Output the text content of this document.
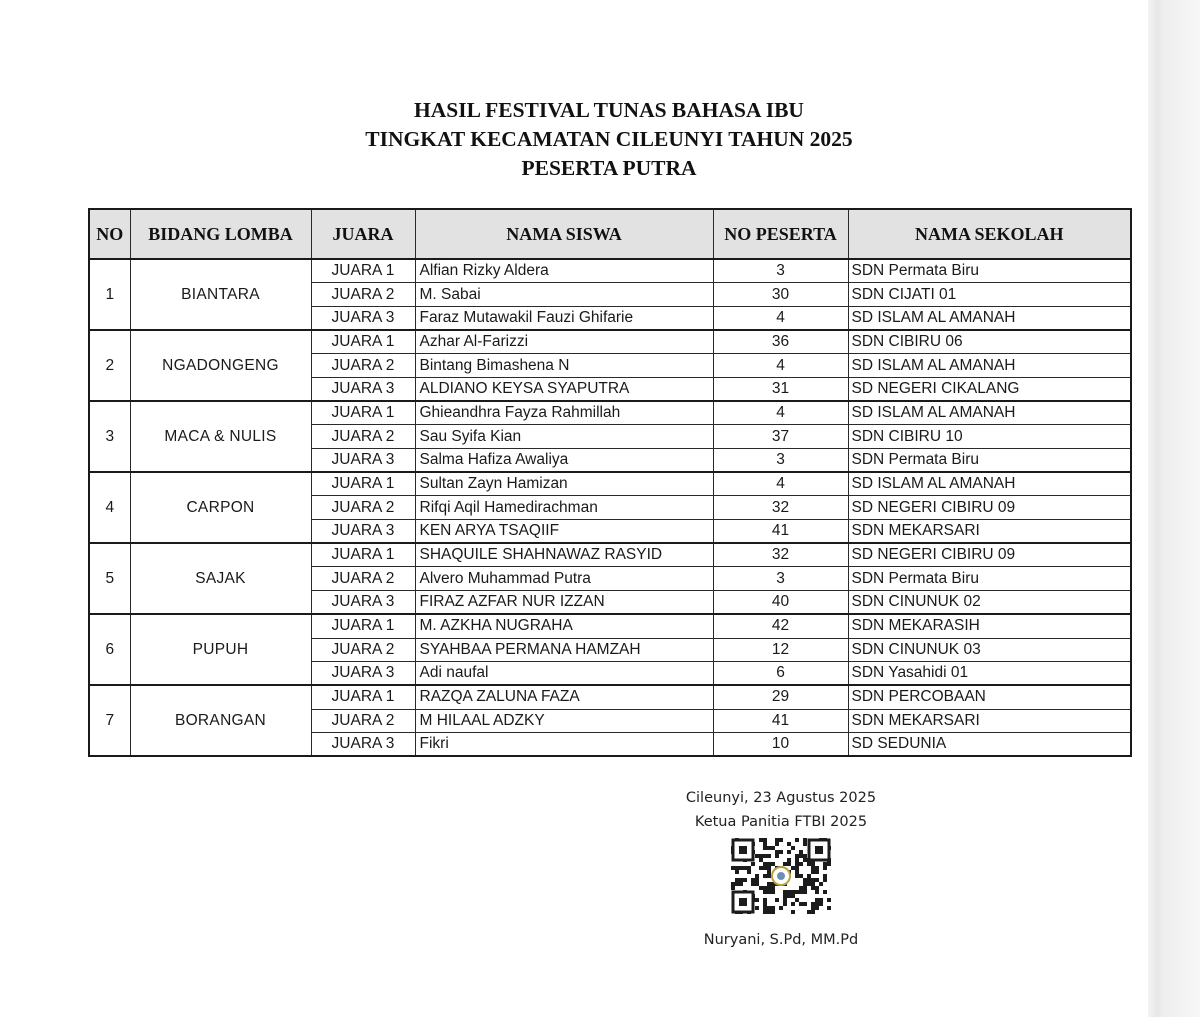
HASIL FESTIVAL TUNAS BAHASA IBU
TINGKAT KECAMATAN CILEUNYI TAHUN 2025
PESERTA PUTRA
NO	BIDANG LOMBA	JUARA	NAMA SISWA	NO PESERTA	NAMA SEKOLAH
1	BIANTARA	JUARA 1	Alfian Rizky Aldera	3	SDN Permata Biru
		JUARA 2	M. Sabai	30	SDN CIJATI 01
		JUARA 3	Faraz Mutawakil Fauzi Ghifarie	4	SD ISLAM AL AMANAH
2	NGADONGENG	JUARA 1	Azhar Al-Farizzi	36	SDN CIBIRU 06
		JUARA 2	Bintang Bimashena N	4	SD ISLAM AL AMANAH
		JUARA 3	ALDIANO KEYSA SYAPUTRA	31	SD NEGERI CIKALANG
3	MACA & NULIS	JUARA 1	Ghieandhra Fayza Rahmillah	4	SD ISLAM AL AMANAH
		JUARA 2	Sau Syifa Kian	37	SDN CIBIRU 10
		JUARA 3	Salma Hafiza Awaliya	3	SDN Permata Biru
4	CARPON	JUARA 1	Sultan Zayn Hamizan	4	SD ISLAM AL AMANAH
		JUARA 2	Rifqi Aqil Hamedirachman	32	SD NEGERI CIBIRU 09
		JUARA 3	KEN ARYA TSAQIIF	41	SDN MEKARSARI
5	SAJAK	JUARA 1	SHAQUILE SHAHNAWAZ RASYID	32	SD NEGERI CIBIRU 09
		JUARA 2	Alvero Muhammad Putra	3	SDN Permata Biru
		JUARA 3	FIRAZ AZFAR NUR IZZAN	40	SDN CINUNUK 02
6	PUPUH	JUARA 1	M. AZKHA NUGRAHA	42	SDN MEKARASIH
		JUARA 2	SYAHBAA PERMANA HAMZAH	12	SDN CINUNUK 03
		JUARA 3	Adi naufal	6	SDN Yasahidi 01
7	BORANGAN	JUARA 1	RAZQA ZALUNA FAZA	29	SDN PERCOBAAN
		JUARA 2	M HILAAL ADZKY	41	SDN MEKARSARI
		JUARA 3	Fikri	10	SD SEDUNIA
Cileunyi, 23 Agustus 2025
Ketua Panitia FTBI 2025
Nuryani, S.Pd, MM.Pd
